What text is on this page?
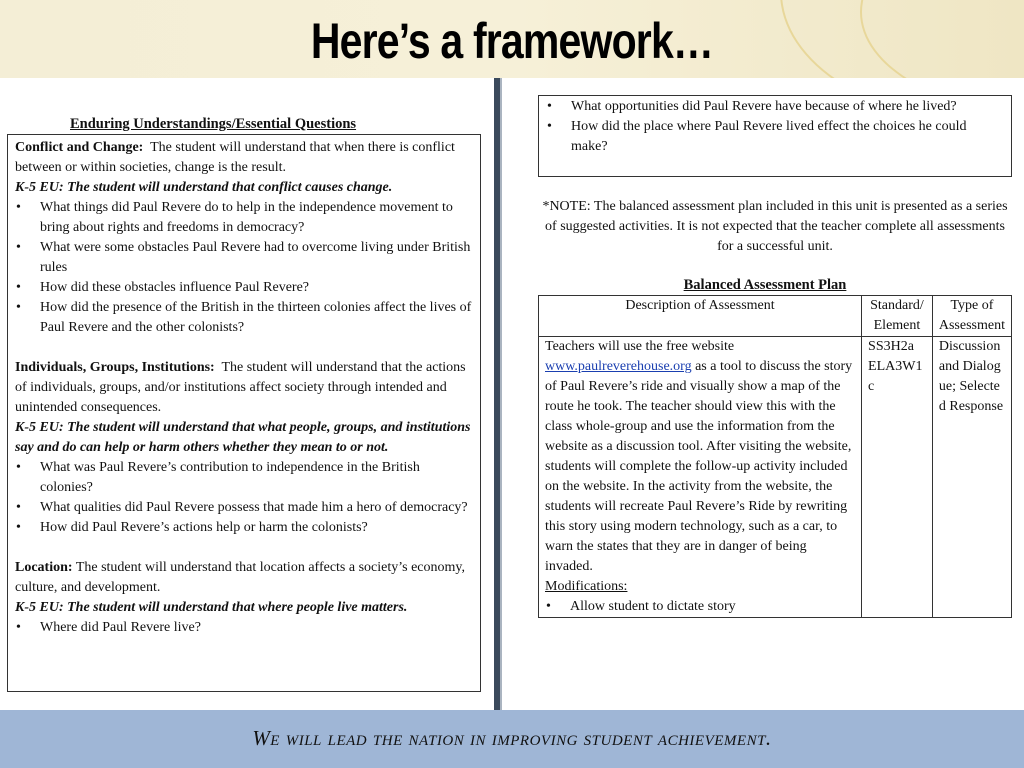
Here’s a framework…
Enduring Understandings/Essential Questions

Conflict and Change: The student will understand that when there is conflict between or within societies, change is the result.

K-5 EU: The student will understand that conflict causes change.

• What things did Paul Revere do to help in the independence movement to bring about rights and freedoms in democracy?
• What were some obstacles Paul Revere had to overcome living under British rules
• How did these obstacles influence Paul Revere?
• How did the presence of the British in the thirteen colonies affect the lives of Paul Revere and the other colonists?

Individuals, Groups, Institutions: The student will understand that the actions of individuals, groups, and/or institutions affect society through intended and unintended consequences.

K-5 EU: The student will understand that what people, groups, and institutions say and do can help or harm others whether they mean to or not.

• What was Paul Revere’s contribution to independence in the British colonies?
• What qualities did Paul Revere possess that made him a hero of democracy?
• How did Paul Revere’s actions help or harm the colonists?

Location: The student will understand that location affects a society’s economy, culture, and development.

K-5 EU: The student will understand that where people live matters.

• Where did Paul Revere live?
• What opportunities did Paul Revere have because of where he lived?
• How did the place where Paul Revere lived effect the choices he could make?
*NOTE: The balanced assessment plan included in this unit is presented as a series of suggested activities. It is not expected that the teacher complete all assessments for a successful unit.
Balanced Assessment Plan
Description of Assessment	Standard/ Element	Type of Assessment
Teachers will use the free website www.paulreverehouse.org as a tool to discuss the story of Paul Revere’s ride and visually show a map of the route he took. The teacher should view this with the class whole-group and use the information from the website as a discussion tool. After visiting the website, students will complete the follow-up activity included on the website. In the activity from the website, the students will recreate Paul Revere’s Ride by rewriting this story using modern technology, such as a car, to warn the states that they are in danger of being invaded.
Modifications:
• Allow student to dictate story	SS3H2a ELA3W1c	Discussion and Dialogue; Selected Response
We will lead the nation in improving student achievement.
